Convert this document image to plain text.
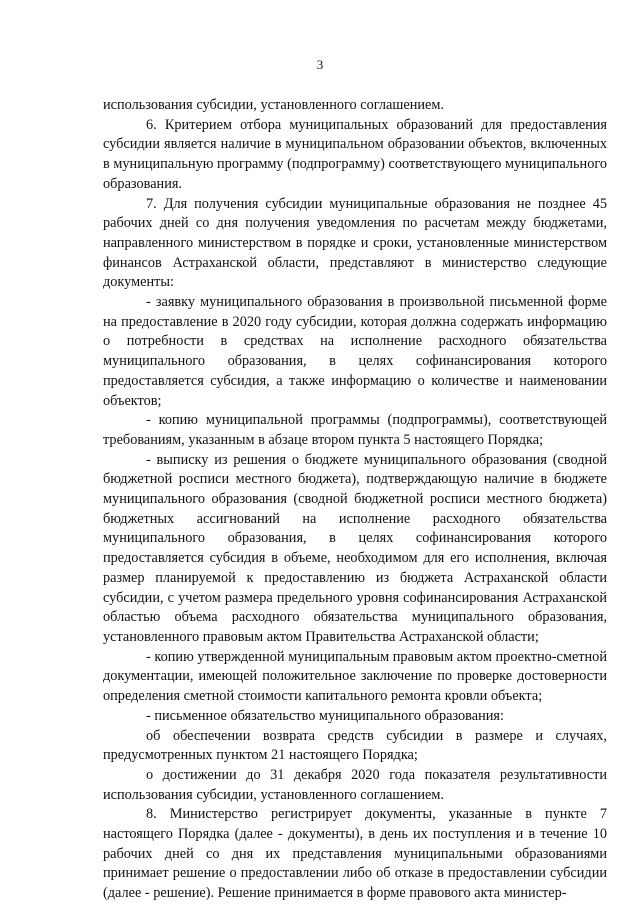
3

использования субсидии, установленного соглашением.

6. Критерием отбора муниципальных образований для предоставления субсидии является наличие в муниципальном образовании объектов, включенных в муниципальную программу (подпрограмму) соответствующего муниципального образования.

7. Для получения субсидии муниципальные образования не позднее 45 рабочих дней со дня получения уведомления по расчетам между бюджетами, направленного министерством в порядке и сроки, установленные министерством финансов Астраханской области, представляют в министерство следующие документы:

- заявку муниципального образования в произвольной письменной форме на предоставление в 2020 году субсидии, которая должна содержать информацию о потребности в средствах на исполнение расходного обязательства муниципального образования, в целях софинансирования которого предоставляется субсидия, а также информацию о количестве и наименовании объектов;

- копию муниципальной программы (подпрограммы), соответствующей требованиям, указанным в абзаце втором пункта 5 настоящего Порядка;

- выписку из решения о бюджете муниципального образования (сводной бюджетной росписи местного бюджета), подтверждающую наличие в бюджете муниципального образования (сводной бюджетной росписи местного бюджета) бюджетных ассигнований на исполнение расходного обязательства муниципального образования, в целях софинансирования которого предоставляется субсидия в объеме, необходимом для его исполнения, включая размер планируемой к предоставлению из бюджета Астраханской области субсидии, с учетом размера предельного уровня софинансирования Астраханской областью объема расходного обязательства муниципального образования, установленного правовым актом Правительства Астраханской области;

- копию утвержденной муниципальным правовым актом проектно-сметной документации, имеющей положительное заключение по проверке достоверности определения сметной стоимости капитального ремонта кровли объекта;

- письменное обязательство муниципального образования:

об обеспечении возврата средств субсидии в размере и случаях, предусмотренных пунктом 21 настоящего Порядка;

о достижении до 31 декабря 2020 года показателя результативности использования субсидии, установленного соглашением.

8. Министерство регистрирует документы, указанные в пункте 7 настоящего Порядка (далее - документы), в день их поступления и в течение 10 рабочих дней со дня их представления муниципальными образованиями принимает решение о предоставлении либо об отказе в предоставлении субсидии (далее - решение). Решение принимается в форме правового акта министер-
